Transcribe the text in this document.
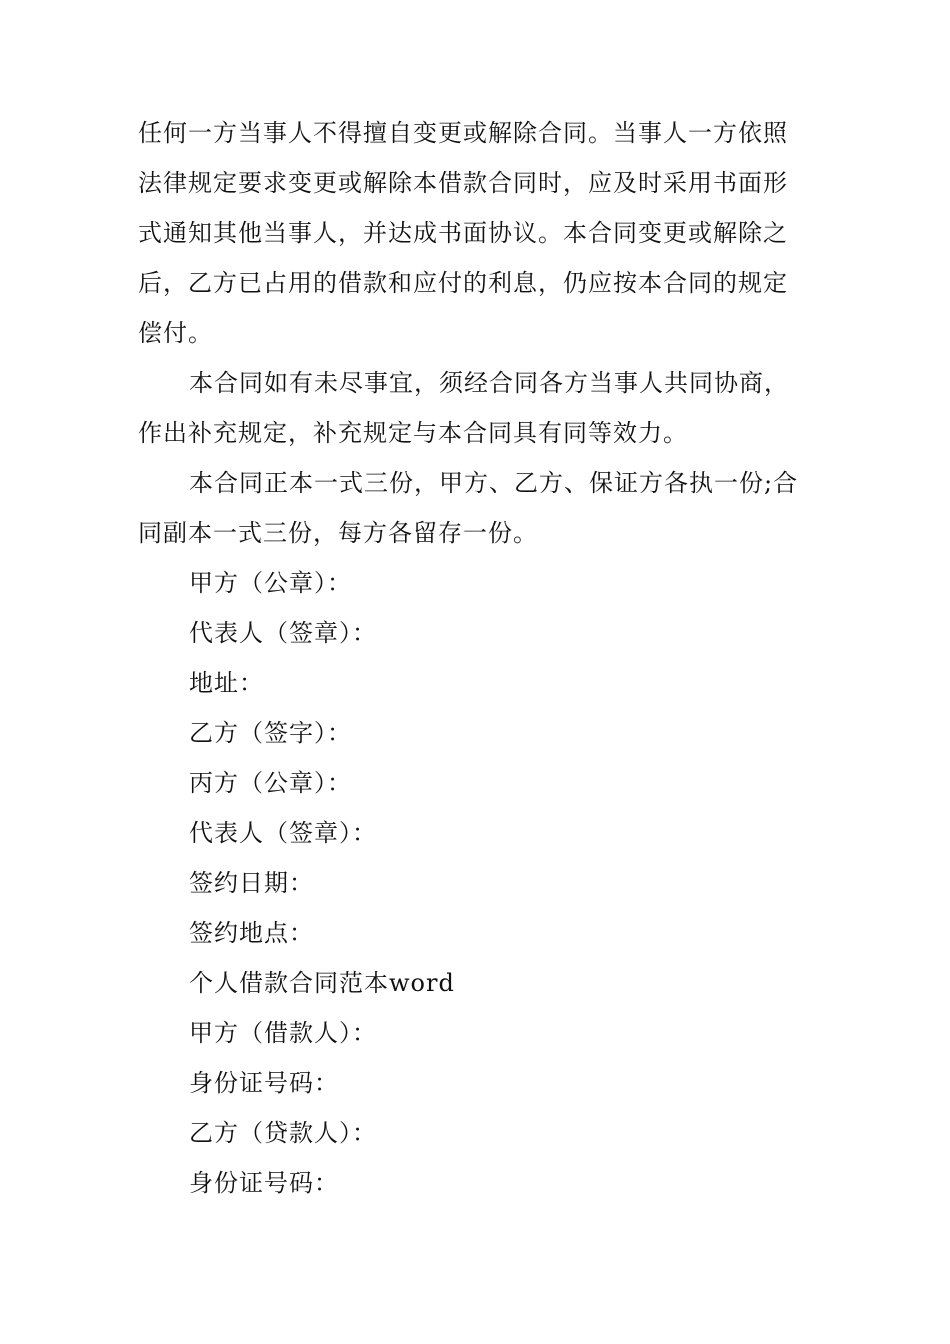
任何一方当事人不得擅自变更或解除合同。当事人一方依照
法律规定要求变更或解除本借款合同时，应及时采用书面形
式通知其他当事人，并达成书面协议。本合同变更或解除之
后，乙方已占用的借款和应付的利息，仍应按本合同的规定
偿付。
本合同如有未尽事宜，须经合同各方当事人共同协商，
作出补充规定，补充规定与本合同具有同等效力。
本合同正本一式三份，甲方、乙方、保证方各执一份;合
同副本一式三份，每方各留存一份。
甲方（公章）：
代表人（签章）：
地址：
乙方（签字）：
丙方（公章）：
代表人（签章）：
签约日期：
签约地点：
个人借款合同范本word
甲方（借款人）：
身份证号码：
乙方（贷款人）：
身份证号码：
